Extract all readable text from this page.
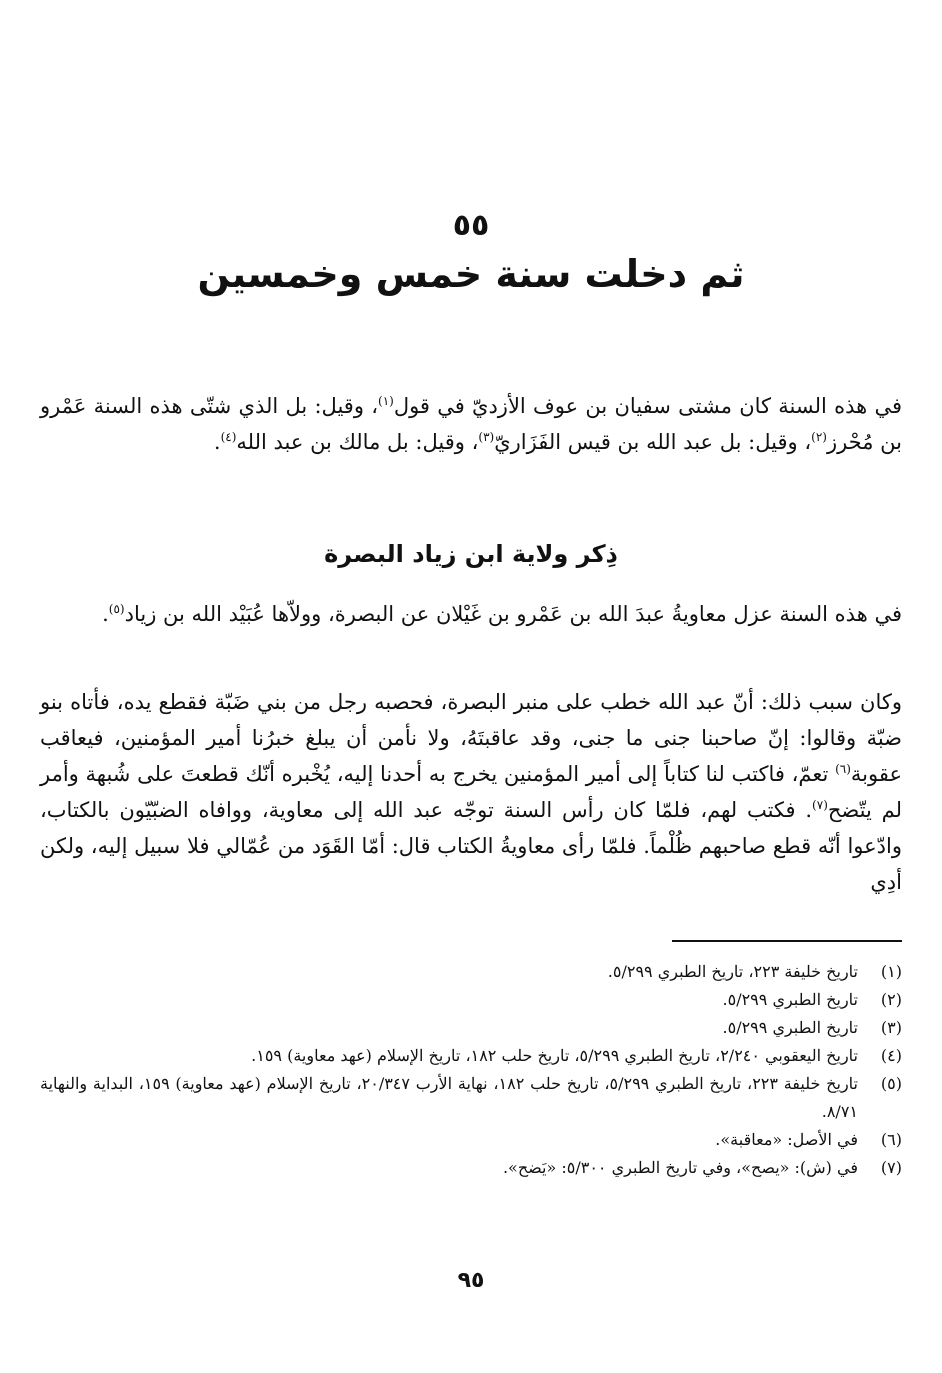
٥٥
ثم دخلت سنة خمس وخمسين

في هذه السنة كان مشتى سفيان بن عوف الأزديّ في قول$^{(١)}$، وقيل: بل الذي شتّى هذه السنة عَمْرو بن مُحْرز$^{(٢)}$، وقيل: بل عبد الله بن قيس الفَزَاريّ$^{(٣)}$، وقيل: بل مالك بن عبد الله$^{(٤)}$.

ذِكر ولاية ابن زياد البصرة

في هذه السنة عزل معاويةُ عبدَ الله بن عَمْرو بن غَيْلان عن البصرة، وولاّها عُبَيْد الله بن زياد$^{(٥)}$.

وكان سبب ذلك: أنّ عبد الله خطب على منبر البصرة، فحصبه رجل من بني ضَبّة فقطع يده، فأتاه بنو ضبّة وقالوا: إنّ صاحبنا جنى ما جنى، وقد عاقبتَهُ، ولا نأمن أن يبلغ خبرُنا أمير المؤمنين، فيعاقب عقوبة$^{(٦)}$ تعمّ، فاكتب لنا كتاباً إلى أمير المؤمنين يخرج به أحدنا إليه، يُخْبره أنّك قطعتَ على شُبهة وأمر لم يتّضح$^{(٧)}$. فكتب لهم، فلمّا كان رأس السنة توجّه عبد الله إلى معاوية، ووافاه الضبّيّون بالكتاب، وادّعوا أنّه قطع صاحبهم ظُلْماً. فلمّا رأى معاويةُ الكتاب قال: أمّا القَوَد من عُمّالي فلا سبيل إليه، ولكن أدِي

(١)
تاريخ خليفة ٢٢٣، تاريخ الطبري ٥/٢٩٩.
(٢)
تاريخ الطبري ٥/٢٩٩.
(٣)
تاريخ الطبري ٥/٢٩٩.
(٤)
تاريخ اليعقوبي ٢/٢٤٠، تاريخ الطبري ٥/٢٩٩، تاريخ حلب ١٨٢، تاريخ الإسلام (عهد معاوية) ١٥٩.
(٥)
تاريخ خليفة ٢٢٣، تاريخ الطبري ٥/٢٩٩، تاريخ حلب ١٨٢، نهاية الأرب ٢٠/٣٤٧، تاريخ الإسلام (عهد معاوية) ١٥٩، البداية والنهاية ٨/٧١.
(٦)
في الأصل: «معاقبة».
(٧)
في (ش): «يصح»، وفي تاريخ الطبري ٥/٣٠٠: «يَضح».
٩٥
